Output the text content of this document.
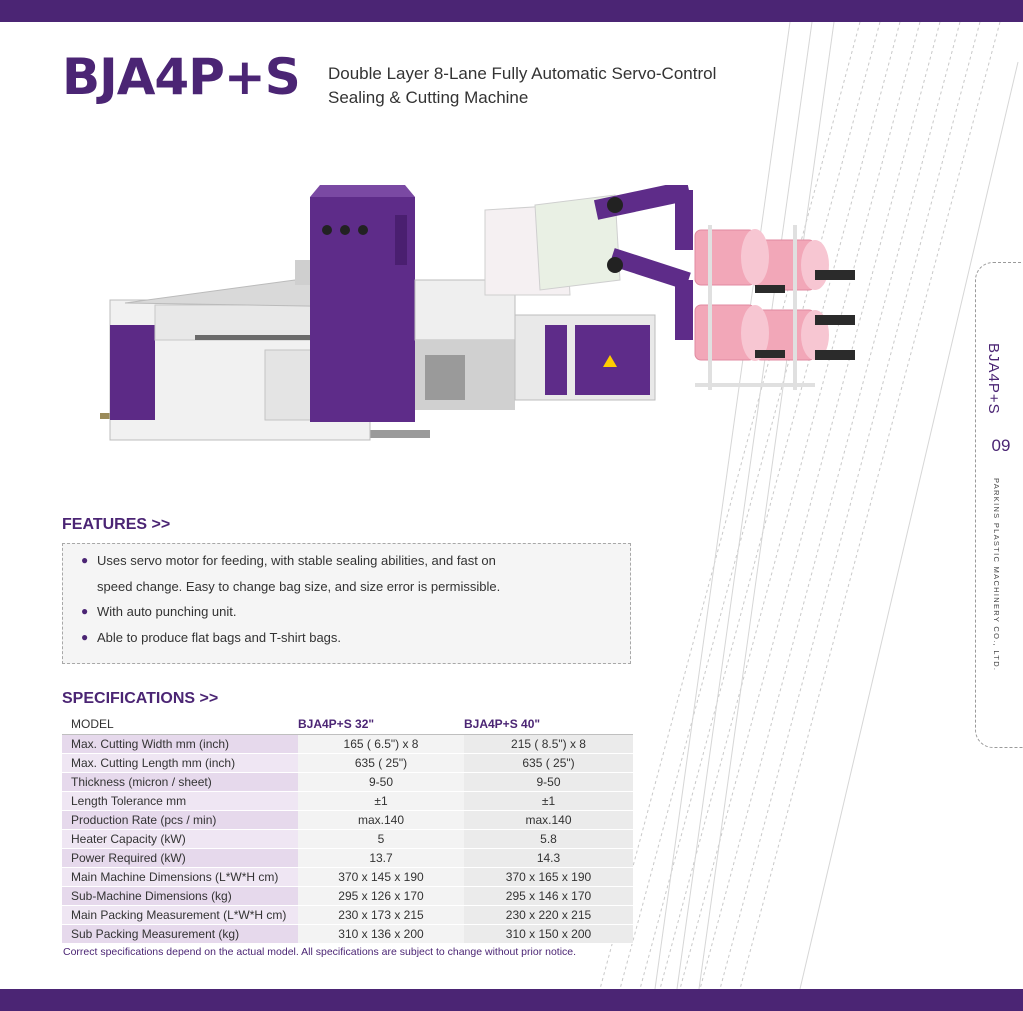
BJA4P+S Double Layer 8-Lane Fully Automatic Servo-Control
Sealing & Cutting Machine
FEATURES >>
● Uses servo motor for feeding, with stable sealing abilities, and fast on
speed change. Easy to change bag size, and size error is permissible.
● With auto punching unit.
● Able to produce flat bags and T-shirt bags.
SPECIFICATIONS >>
MODEL	BJA4P+S 32"	BJA4P+S 40"
Max. Cutting Width mm (inch)	165 ( 6.5") x 8	215 ( 8.5") x 8
Max. Cutting Length mm (inch)	635 ( 25")	635 ( 25")
Thickness (micron / sheet)	9-50	9-50
Length Tolerance mm	±1	±1
Production Rate (pcs / min)	max.140	max.140
Heater Capacity (kW)	5	5.8
Power Required (kW)	13.7	14.3
Main Machine Dimensions (L*W*H cm)	370 x 145 x 190	370 x 165 x 190
Sub-Machine Dimensions (kg)	295 x 126 x 170	295 x 146 x 170
Main Packing Measurement (L*W*H cm)	230 x 173 x 215	230 x 220 x 215
Sub Packing Measurement (kg)	310 x 136 x 200	310 x 150 x 200
Correct specifications depend on the actual model. All specifications are subject to change without prior notice.
BJA4P+S
09
PARKINS PLASTIC MACHINERY CO., LTD.
